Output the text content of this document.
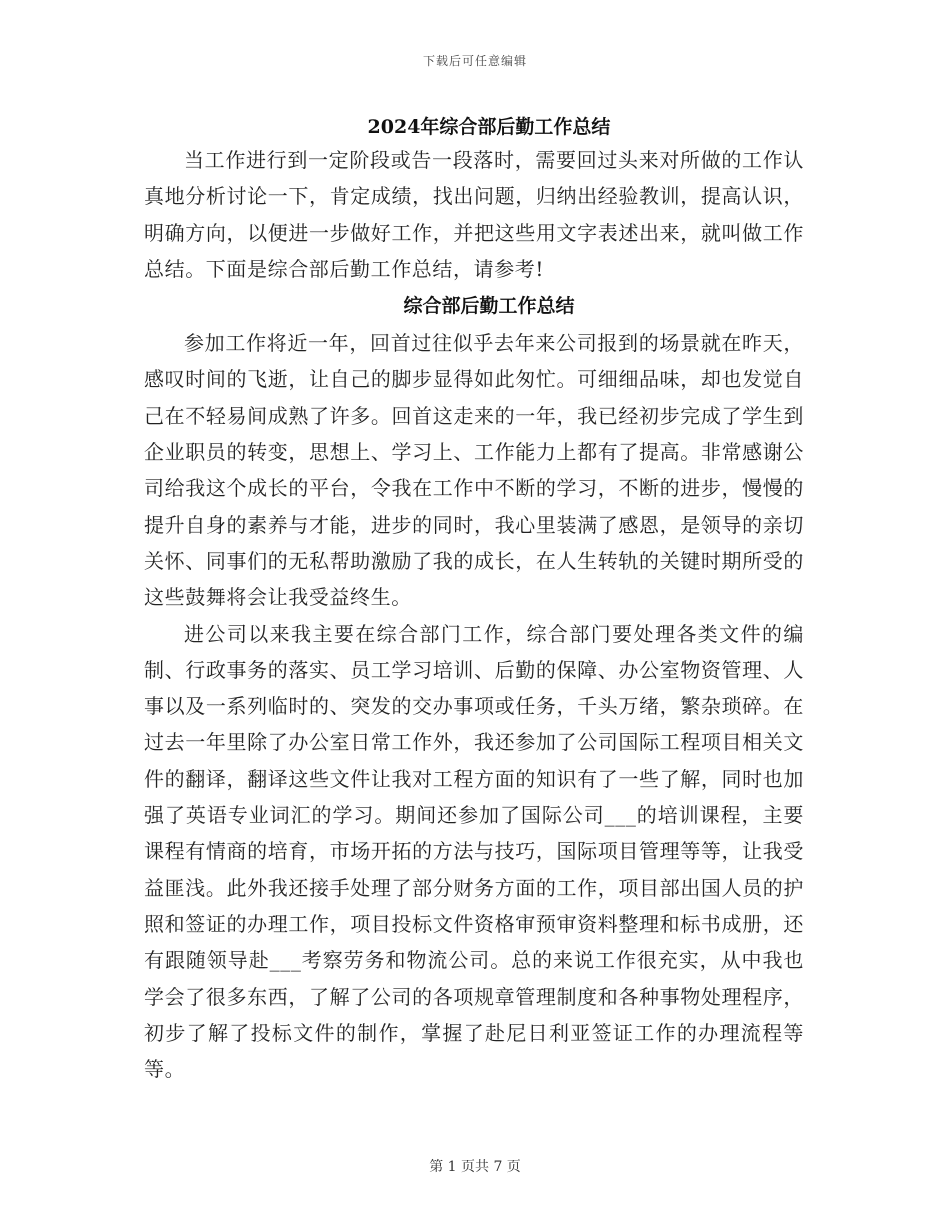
下载后可任意编辑
2024年综合部后勤工作总结

当工作进行到一定阶段或告一段落时，需要回过头来对所做的工作认真地分析讨论一下，肯定成绩，找出问题，归纳出经验教训，提高认识，明确方向，以便进一步做好工作，并把这些用文字表述出来，就叫做工作总结。下面是综合部后勤工作总结，请参考!

综合部后勤工作总结

参加工作将近一年，回首过往似乎去年来公司报到的场景就在昨天，感叹时间的飞逝，让自己的脚步显得如此匆忙。可细细品味，却也发觉自己在不轻易间成熟了许多。回首这走来的一年，我已经初步完成了学生到企业职员的转变，思想上、学习上、工作能力上都有了提高。非常感谢公司给我这个成长的平台，令我在工作中不断的学习，不断的进步，慢慢的提升自身的素养与才能，进步的同时，我心里装满了感恩，是领导的亲切关怀、同事们的无私帮助激励了我的成长，在人生转轨的关键时期所受的这些鼓舞将会让我受益终生。

进公司以来我主要在综合部门工作，综合部门要处理各类文件的编制、行政事务的落实、员工学习培训、后勤的保障、办公室物资管理、人事以及一系列临时的、突发的交办事项或任务，千头万绪，繁杂琐碎。在过去一年里除了办公室日常工作外，我还参加了公司国际工程项目相关文件的翻译，翻译这些文件让我对工程方面的知识有了一些了解，同时也加强了英语专业词汇的学习。期间还参加了国际公司___的培训课程，主要课程有情商的培育，市场开拓的方法与技巧，国际项目管理等等，让我受益匪浅。此外我还接手处理了部分财务方面的工作，项目部出国人员的护照和签证的办理工作，项目投标文件资格审预审资料整理和标书成册，还有跟随领导赴___考察劳务和物流公司。总的来说工作很充实，从中我也学会了很多东西，了解了公司的各项规章管理制度和各种事物处理程序，初步了解了投标文件的制作，掌握了赴尼日利亚签证工作的办理流程等等。

第 1 页共 7 页
